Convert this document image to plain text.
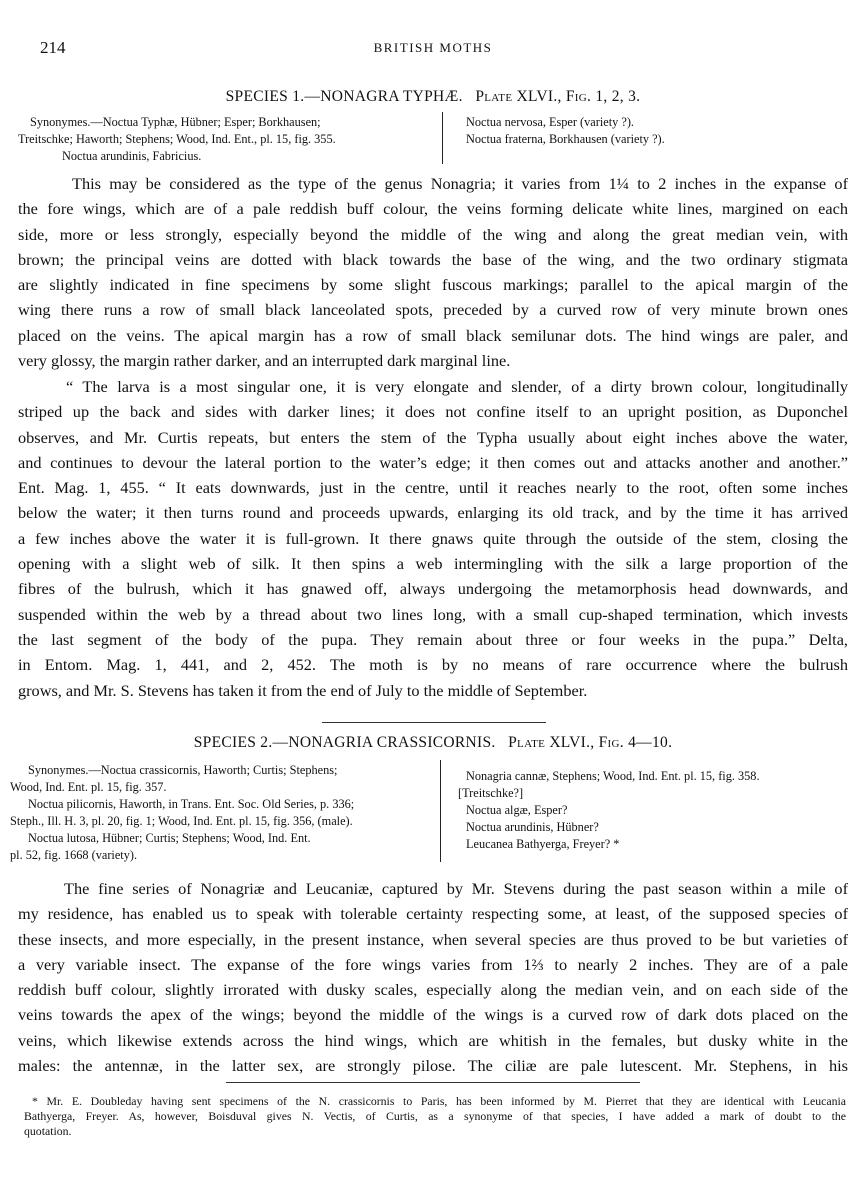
214	BRITISH MOTHS
SPECIES 1.—NONAGRA TYPHÆ. Plate XLVI., Fig. 1, 2, 3.
Synonymes.—Noctua Typhæ, Hübner; Esper; Borkhausen;
Treitschke; Haworth; Stephens; Wood, Ind. Ent., pl. 15, fig. 355.
Noctua arundinis, Fabricius.
Noctua nervosa, Esper (variety ?).
Noctua fraterna, Borkhausen (variety ?).
This may be considered as the type of the genus Nonagria; it varies from 1¼ to 2 inches in the expanse of
the fore wings, which are of a pale reddish buff colour, the veins forming delicate white lines, margined on each
side, more or less strongly, especially beyond the middle of the wing and along the great median vein, with
brown; the principal veins are dotted with black towards the base of the wing, and the two ordinary stigmata
are slightly indicated in fine specimens by some slight fuscous markings; parallel to the apical margin of the
wing there runs a row of small black lanceolated spots, preceded by a curved row of very minute brown ones
placed on the veins. The apical margin has a row of small black semilunar dots. The hind wings are paler, and
very glossy, the margin rather darker, and an interrupted dark marginal line.
“ The larva is a most singular one, it is very elongate and slender, of a dirty brown colour, longitudinally
striped up the back and sides with darker lines; it does not confine itself to an upright position, as Duponchel
observes, and Mr. Curtis repeats, but enters the stem of the Typha usually about eight inches above the water,
and continues to devour the lateral portion to the water’s edge; it then comes out and attacks another and another.”
Ent. Mag. 1, 455. “ It eats downwards, just in the centre, until it reaches nearly to the root, often some inches
below the water; it then turns round and proceeds upwards, enlarging its old track, and by the time it has arrived
a few inches above the water it is full-grown. It there gnaws quite through the outside of the stem, closing the
opening with a slight web of silk. It then spins a web intermingling with the silk a large proportion of the
fibres of the bulrush, which it has gnawed off, always undergoing the metamorphosis head downwards, and
suspended within the web by a thread about two lines long, with a small cup-shaped termination, which invests
the last segment of the body of the pupa. They remain about three or four weeks in the pupa.” Delta,
in Entom. Mag. 1, 441, and 2, 452. The moth is by no means of rare occurrence where the bulrush
grows, and Mr. S. Stevens has taken it from the end of July to the middle of September.
SPECIES 2.—NONAGRIA CRASSICORNIS. Plate XLVI., Fig. 4—10.
Synonymes.—Noctua crassicornis, Haworth; Curtis; Stephens;
Wood, Ind. Ent. pl. 15, fig. 357.
Noctua pilicornis, Haworth, in Trans. Ent. Soc. Old Series, p. 336;
Steph., Ill. H. 3, pl. 20, fig. 1; Wood, Ind. Ent. pl. 15, fig. 356, (male).
Noctua lutosa, Hübner; Curtis; Stephens; Wood, Ind. Ent.
pl. 52, fig. 1668 (variety).
Nonagria cannæ, Stephens; Wood, Ind. Ent. pl. 15, fig. 358.
[Treitschke?]
Noctua algæ, Esper?
Noctua arundinis, Hübner?
Leucanea Bathyerga, Freyer? *
The fine series of Nonagriæ and Leucaniæ, captured by Mr. Stevens during the past season within a mile of
my residence, has enabled us to speak with tolerable certainty respecting some, at least, of the supposed species of
these insects, and more especially, in the present instance, when several species are thus proved to be but varieties of
a very variable insect. The expanse of the fore wings varies from 1⅔ to nearly 2 inches. They are of a pale
reddish buff colour, slightly irrorated with dusky scales, especially along the median vein, and on each side of the
veins towards the apex of the wings; beyond the middle of the wings is a curved row of dark dots placed on the
veins, which likewise extends across the hind wings, which are whitish in the females, but dusky white in the
males: the antennæ, in the latter sex, are strongly pilose. The ciliæ are pale lutescent. Mr. Stephens, in his
* Mr. E. Doubleday having sent specimens of the N. crassicornis to Paris, has been informed by M. Pierret that they are identical with Leucania
Bathyerga, Freyer. As, however, Boisduval gives N. Vectis, of Curtis, as a synonyme of that species, I have added a mark of doubt to the
quotation.
